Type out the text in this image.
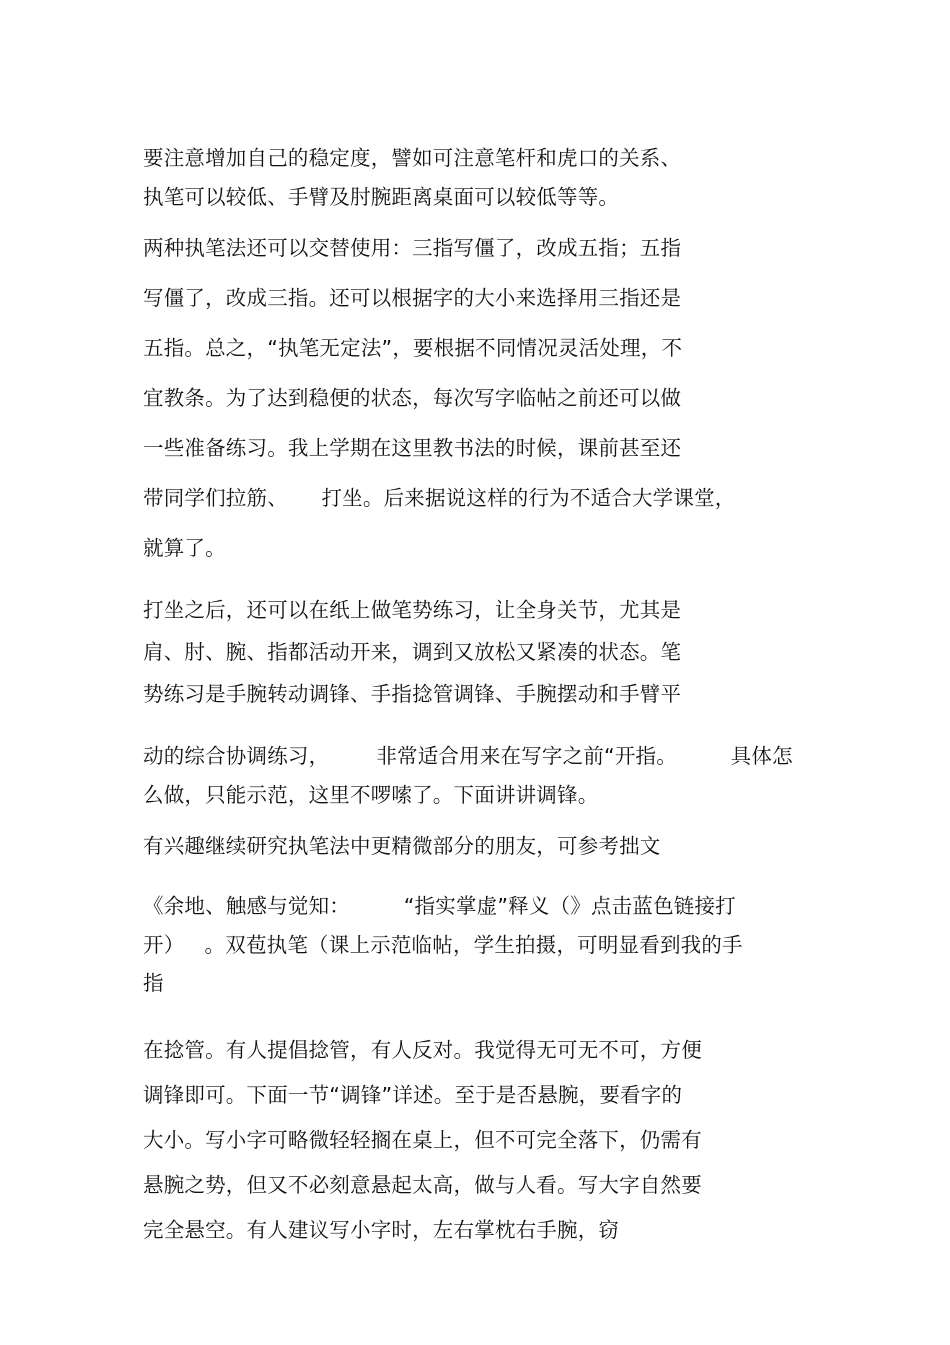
要注意增加自己的稳定度，譬如可注意笔杆和虎口的关系、
执笔可以较低、手臂及肘腕距离桌面可以较低等等。
两种执笔法还可以交替使用：三指写僵了，改成五指；五指
写僵了，改成三指。还可以根据字的大小来选择用三指还是
五指。总之，“执笔无定法”，要根据不同情况灵活处理，不
宜教条。为了达到稳便的状态，每次写字临帖之前还可以做
一些准备练习。我上学期在这里教书法的时候，课前甚至还
带同学们拉筋、     打坐。后来据说这样的行为不适合大学课堂，
就算了。
打坐之后，还可以在纸上做笔势练习，让全身关节，尤其是
肩、肘、腕、指都活动开来，调到又放松又紧凑的状态。笔
势练习是手腕转动调锋、手指捻管调锋、手腕摆动和手臂平
动的综合协调练习，       非常适合用来在写字之前“开指。        具体怎
么做，只能示范，这里不啰嗦了。下面讲讲调锋。
有兴趣继续研究执笔法中更精微部分的朋友，可参考拙文
《余地、触感与觉知：        “指实掌虚”释义（》点击蓝色链接打
开）   。双苞执笔（课上示范临帖，学生拍摄，可明显看到我的手
指
在捻管。有人提倡捻管，有人反对。我觉得无可无不可，方便
调锋即可。下面一节“调锋”详述。至于是否悬腕，要看字的
大小。写小字可略微轻轻搁在桌上，但不可完全落下，仍需有
悬腕之势，但又不必刻意悬起太高，做与人看。写大字自然要
完全悬空。有人建议写小字时，左右掌枕右手腕，窃
